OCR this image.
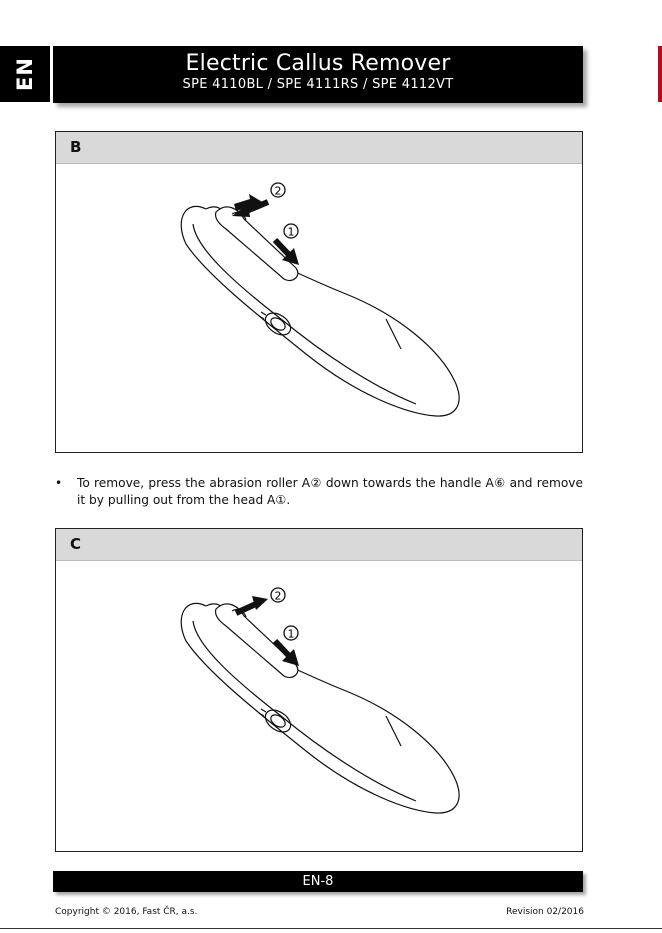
EN	Electric Callus Remover
SPE 4110BL / SPE 4111RS / SPE 4112VT
B
2
1
• To remove, press the abrasion roller A② down towards the handle A⑥ and remove it by pulling out from the head A①.
C
2
1
EN-8
Copyright © 2016, Fast ČR, a.s.	Revision 02/2016
